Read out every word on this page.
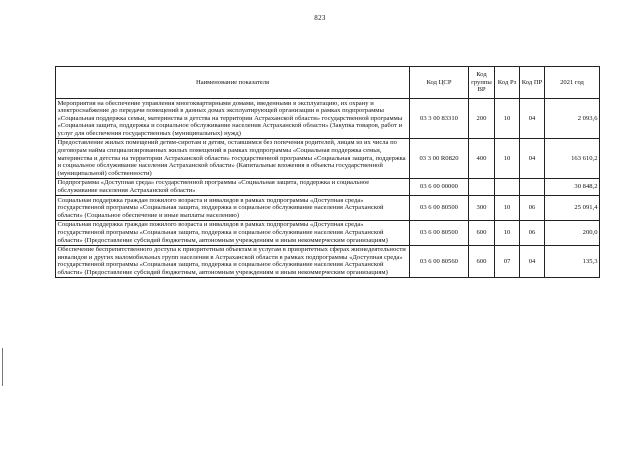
823
Наименование показателя	Код ЦСР	Код группы ВР	Код Рз	Код ПР	2021 год
Мероприятия на обеспечение управления многоквартирными домами, введенными в эксплуатацию, их охрану и электроснабжение до передачи помещений в данных домах эксплуатирующей организации в рамках подпрограммы «Социальная поддержка семьи, материнства и детства на территории Астраханской области» государственной программы «Социальная защита, поддержка и социальное обслуживание населения Астраханской области» (Закупка товаров, работ и услуг для обеспечения государственных (муниципальных) нужд)	03 3 00 83310	200	10	04	2 093,6
Предоставление жилых помещений детям-сиротам и детям, оставшимся без попечения родителей, лицам из их числа по договорам найма специализированных жилых помещений в рамках подпрограммы «Социальная поддержка семьи, материнства и детства на территории Астраханской области» государственной программы «Социальная защита, поддержка и социальное обслуживание населения Астраханской области» (Капитальные вложения в объекты государственной (муниципальной) собственности)	03 3 00 R0820	400	10	04	163 610,2
Подпрограмма «Доступная среда» государственной программы «Социальная защита, поддержка и социальное обслуживание населения Астраханской области»	03 6 00 00000				30 848,2
Социальная поддержка граждан пожилого возраста и инвалидов в рамках подпрограммы «Доступная среда» государственной программы «Социальная защита, поддержка и социальное обслуживание населения Астраханской области» (Социальное обеспечение и иные выплаты населению)	03 6 00 80500	300	10	06	25 091,4
Социальная поддержка граждан пожилого возраста и инвалидов в рамках подпрограммы «Доступная среда» государственной программы «Социальная защита, поддержка и социальное обслуживание населения Астраханской области» (Предоставление субсидий бюджетным, автономным учреждениям и иным некоммерческим организациям)	03 6 00 80500	600	10	06	200,0
Обеспечение беспрепятственного доступа к приоритетным объектам и услугам в приоритетных сферах жизнедеятельности инвалидов и других маломобильных групп населения в Астраханской области в рамках подпрограммы «Доступная среда» государственной программы «Социальная защита, поддержка и социальное обслуживание населения Астраханской области» (Предоставление субсидий бюджетным, автономным учреждениям и иным некоммерческим организациям)	03 6 00 80560	600	07	04	135,3
